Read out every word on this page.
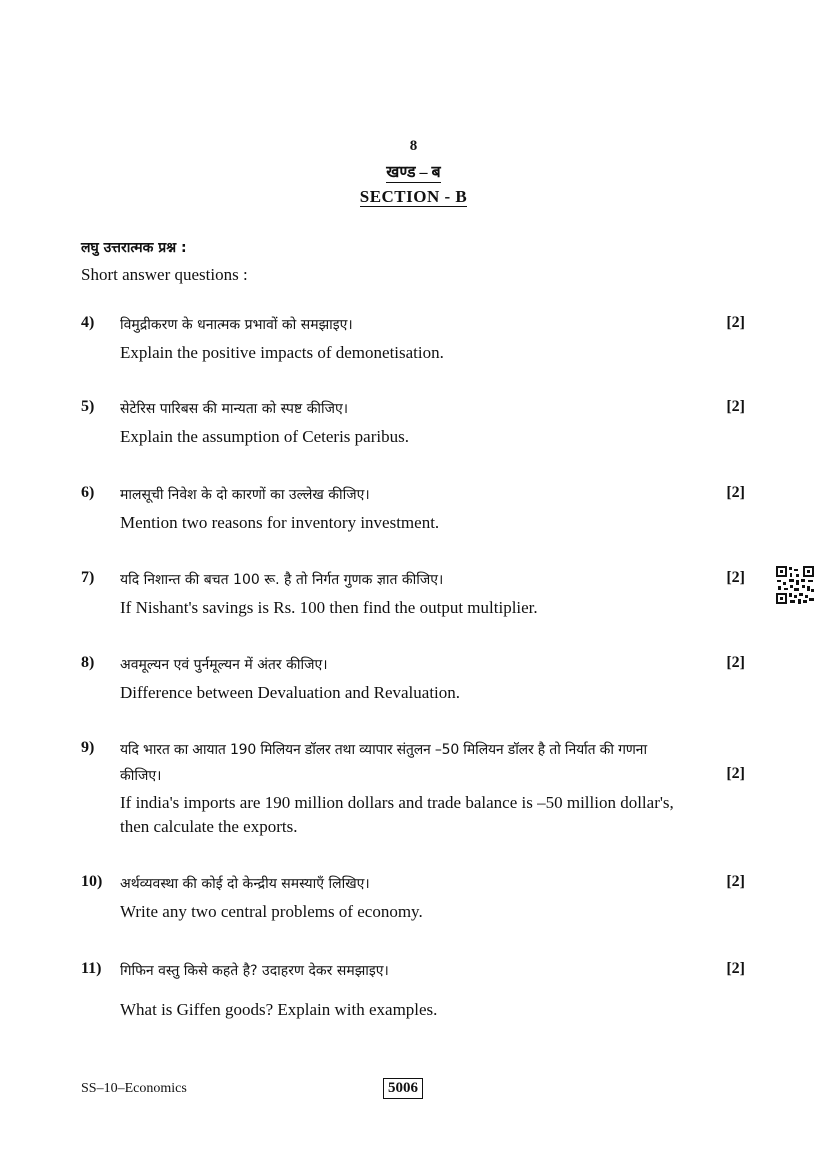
8
खण्ड – ब
SECTION - B
लघु उत्तरात्मक प्रश्न :
Short answer questions :
4) विमुद्रीकरण के धनात्मक प्रभावों को समझाइए।	[2]
Explain the positive impacts of demonetisation.
5) सेटेरिस पारिबस की मान्यता को स्पष्ट कीजिए।	[2]
Explain the assumption of Ceteris paribus.
6) मालसूची निवेश के दो कारणों का उल्लेख कीजिए।	[2]
Mention two reasons for inventory investment.
7) यदि निशान्त की बचत 100 रू. है तो निर्गत गुणक ज्ञात कीजिए।	[2]
If Nishant's savings is Rs. 100 then find the output multiplier.
8) अवमूल्यन एवं पुर्नमूल्यन में अंतर कीजिए।	[2]
Difference between Devaluation and Revaluation.
9) यदि भारत का आयात 190 मिलियन डॉलर तथा व्यापार संतुलन –50 मिलियन डॉलर है तो निर्यात की गणना
कीजिए।	[2]
If india's imports are 190 million dollars and trade balance is –50 million dollar's,
then calculate the exports.
10) अर्थव्यवस्था की कोई दो केन्द्रीय समस्याएँ लिखिए।	[2]
Write any two central problems of economy.
11) गिफिन वस्तु किसे कहते है? उदाहरण देकर समझाइए।	[2]
What is Giffen goods? Explain with examples.
SS–10–Economics	5006
